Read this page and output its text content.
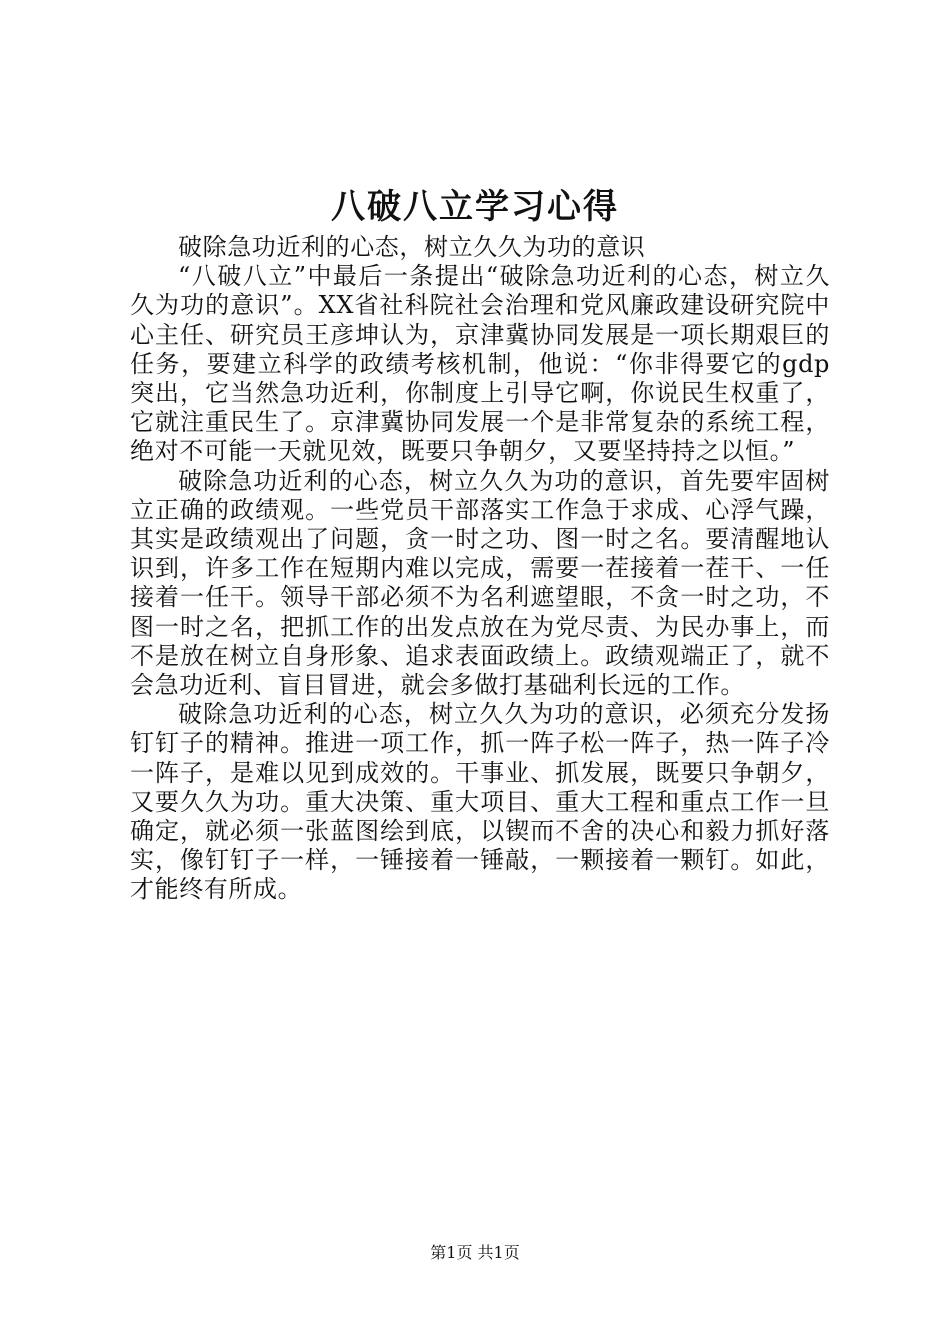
八破八立学习心得

破除急功近利的心态，树立久久为功的意识

“八破八立”中最后一条提出“破除急功近利的心态，树立久久为功的意识”。XX省社科院社会治理和党风廉政建设研究院中心主任、研究员王彦坤认为，京津冀协同发展是一项长期艰巨的任务，要建立科学的政绩考核机制，他说：“你非得要它的gdp突出，它当然急功近利，你制度上引导它啊，你说民生权重了，它就注重民生了。京津冀协同发展一个是非常复杂的系统工程，绝对不可能一天就见效，既要只争朝夕，又要坚持持之以恒。”

破除急功近利的心态，树立久久为功的意识，首先要牢固树立正确的政绩观。一些党员干部落实工作急于求成、心浮气躁，其实是政绩观出了问题，贪一时之功、图一时之名。要清醒地认识到，许多工作在短期内难以完成，需要一茬接着一茬干、一任接着一任干。领导干部必须不为名利遮望眼，不贪一时之功，不图一时之名，把抓工作的出发点放在为党尽责、为民办事上，而不是放在树立自身形象、追求表面政绩上。政绩观端正了，就不会急功近利、盲目冒进，就会多做打基础利长远的工作。

破除急功近利的心态，树立久久为功的意识，必须充分发扬钉钉子的精神。推进一项工作，抓一阵子松一阵子，热一阵子冷一阵子，是难以见到成效的。干事业、抓发展，既要只争朝夕，又要久久为功。重大决策、重大项目、重大工程和重点工作一旦确定，就必须一张蓝图绘到底，以锲而不舍的决心和毅力抓好落实，像钉钉子一样，一锤接着一锤敲，一颗接着一颗钉。如此，才能终有所成。

第1页 共1页
